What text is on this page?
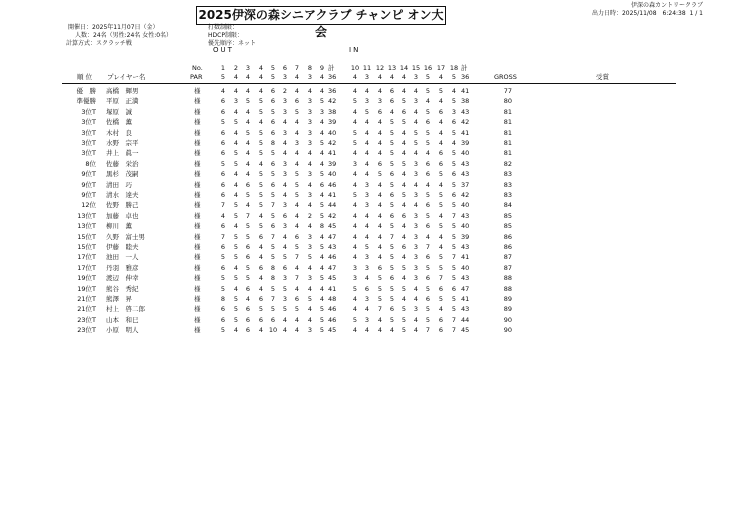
伊深の森カントリークラブ
出力日時：2025/11/08　6:24:38 1 / 1
2025伊深の森シニアクラブ チャンピ オン大会
開催日：2025年11月07日（金）
人数：24名（男性:24名 女性:0名）
計算方式：スクラッチ戦
打数制限：
HDCP制限：
優先順序：ネット
OUT	IN
No.	1	2	3	4	5	6	7	8	9 計	10 11 12 13 14 15 16 17 18 計
順 位 プレイヤー名	PAR	5	4	4	4	5	3	4	3	4 36	4	3	4	4	4	3	5	4	5 36	GROSS	受賞
優　勝 高橋　輝男	様	4	4	4	4	6	2	4	4	4 36	4	4	4	6	4	4	5	5	4 41	77
準優勝 平原　正満	様	6	3	5	5	6	3	6	3	5 42	5	3	3	6	5	3	4	4	5 38	80
3位T 塚原　誠	様	6	4	4	5	5	3	5	3	3 38	4	5	6	4	6	4	5	6	3 43	81
3位T 佐橋　薫	様	5	5	4	4	6	4	4	3	4 39	4	4	4	5	5	4	6	4	6 42	81
3位T 木村　良	様	6	4	5	5	6	3	4	3	4 40	5	4	4	5	4	5	5	4	5 41	81
3位T 水野　宗平	様	6	4	4	5	8	4	3	3	5 42	5	4	4	5	4	5	5	4	4 39	81
3位T 井上　眞一	様	6	5	4	5	5	4	4	4	4 41	4	4	4	5	4	4	4	6	5 40	81
8位 佐藤　栄治	様	5	5	4	4	6	3	4	4	4 39	3	4	6	5	5	3	6	6	5 43	82
9位T 黒杉　茂嗣	様	6	4	4	5	5	3	5	3	5 40	4	4	5	6	4	3	6	5	6 43	83
9位T 清田　巧	様	6	4	6	5	6	4	5	4	6 46	4	3	4	5	4	4	4	4	5 37	83
9位T 清水　達夫	様	6	4	5	5	5	4	5	3	4 41	5	3	4	6	5	3	5	5	6 42	83
12位 佐野　勝己	様	7	5	4	5	7	3	4	4	5 44	4	3	4	5	4	4	6	5	5 40	84
13位T 加藤　卓也	様	4	5	7	4	5	6	4	2	5 42	4	4	4	6	6	3	5	4	7 43	85
13位T 柳川　薫	様	6	4	5	5	6	3	4	4	8 45	4	4	4	5	4	3	6	5	5 40	85
15位T 久野　富士男	様	7	5	5	6	7	4	6	3	4 47	4	4	4	7	4	3	4	4	5 39	86
15位T 伊藤　睦夫	様	6	5	6	4	5	4	5	3	5 43	4	5	4	5	6	3	7	4	5 43	86
17位T 池田　一人	様	5	5	6	4	5	5	7	5	4 46	4	3	4	5	4	3	6	5	7 41	87
17位T 丹羽　雅彦	様	6	4	5	6	8	6	4	4	4 47	3	3	6	5	5	3	5	5	5 40	87
19位T 渡辺　伸幸	様	5	5	5	4	8	3	7	3	5 45	3	4	5	6	4	3	6	7	5 43	88
19位T 熊谷　秀紀	様	5	4	6	4	5	5	4	4	4 41	5	6	5	5	5	4	5	6	6 47	88
21位T 熊澤　昇	様	8	5	4	6	7	3	6	5	4 48	4	3	5	5	4	4	6	5	5 41	89
21位T 村上　啓二郎	様	6	5	6	5	5	5	5	4	5 46	4	4	7	6	5	3	5	4	5 43	89
23位T 山本　和巳	様	6	5	6	6	6	4	4	4	5 46	5	3	4	5	5	4	5	6	7 44	90
23位T 小原　明人	様	5	4	6	4 10 4	4	3	5 45	4	4	4	4	5	4	7	6	7 45	90
